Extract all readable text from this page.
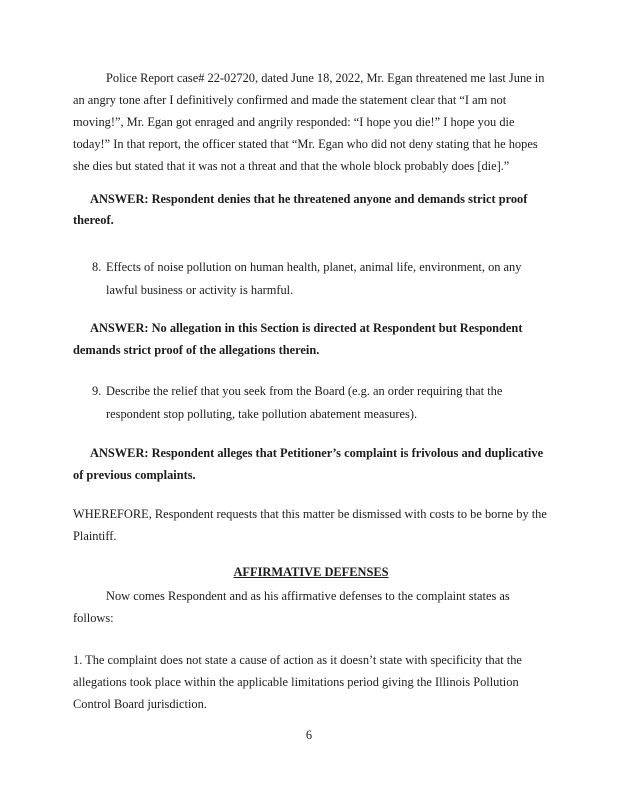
Police Report case# 22-02720, dated June 18, 2022, Mr. Egan threatened me last June in an angry tone after I definitively confirmed and made the statement clear that “I am not moving!”, Mr. Egan got enraged and angrily responded: “I hope you die!” I hope you die today!” In that report, the officer stated that “Mr. Egan who did not deny stating that he hopes she dies but stated that it was not a threat and that the whole block probably does [die].”
ANSWER: Respondent denies that he threatened anyone and demands strict proof thereof.
8. Effects of noise pollution on human health, planet, animal life, environment, on any lawful business or activity is harmful.
ANSWER: No allegation in this Section is directed at Respondent but Respondent demands strict proof of the allegations therein.
9. Describe the relief that you seek from the Board (e.g. an order requiring that the respondent stop polluting, take pollution abatement measures).
ANSWER: Respondent alleges that Petitioner’s complaint is frivolous and duplicative of previous complaints.
WHEREFORE, Respondent requests that this matter be dismissed with costs to be borne by the Plaintiff.
AFFIRMATIVE DEFENSES
Now comes Respondent and as his affirmative defenses to the complaint states as follows:
1. The complaint does not state a cause of action as it doesn’t state with specificity that the allegations took place within the applicable limitations period giving the Illinois Pollution Control Board jurisdiction.
6
